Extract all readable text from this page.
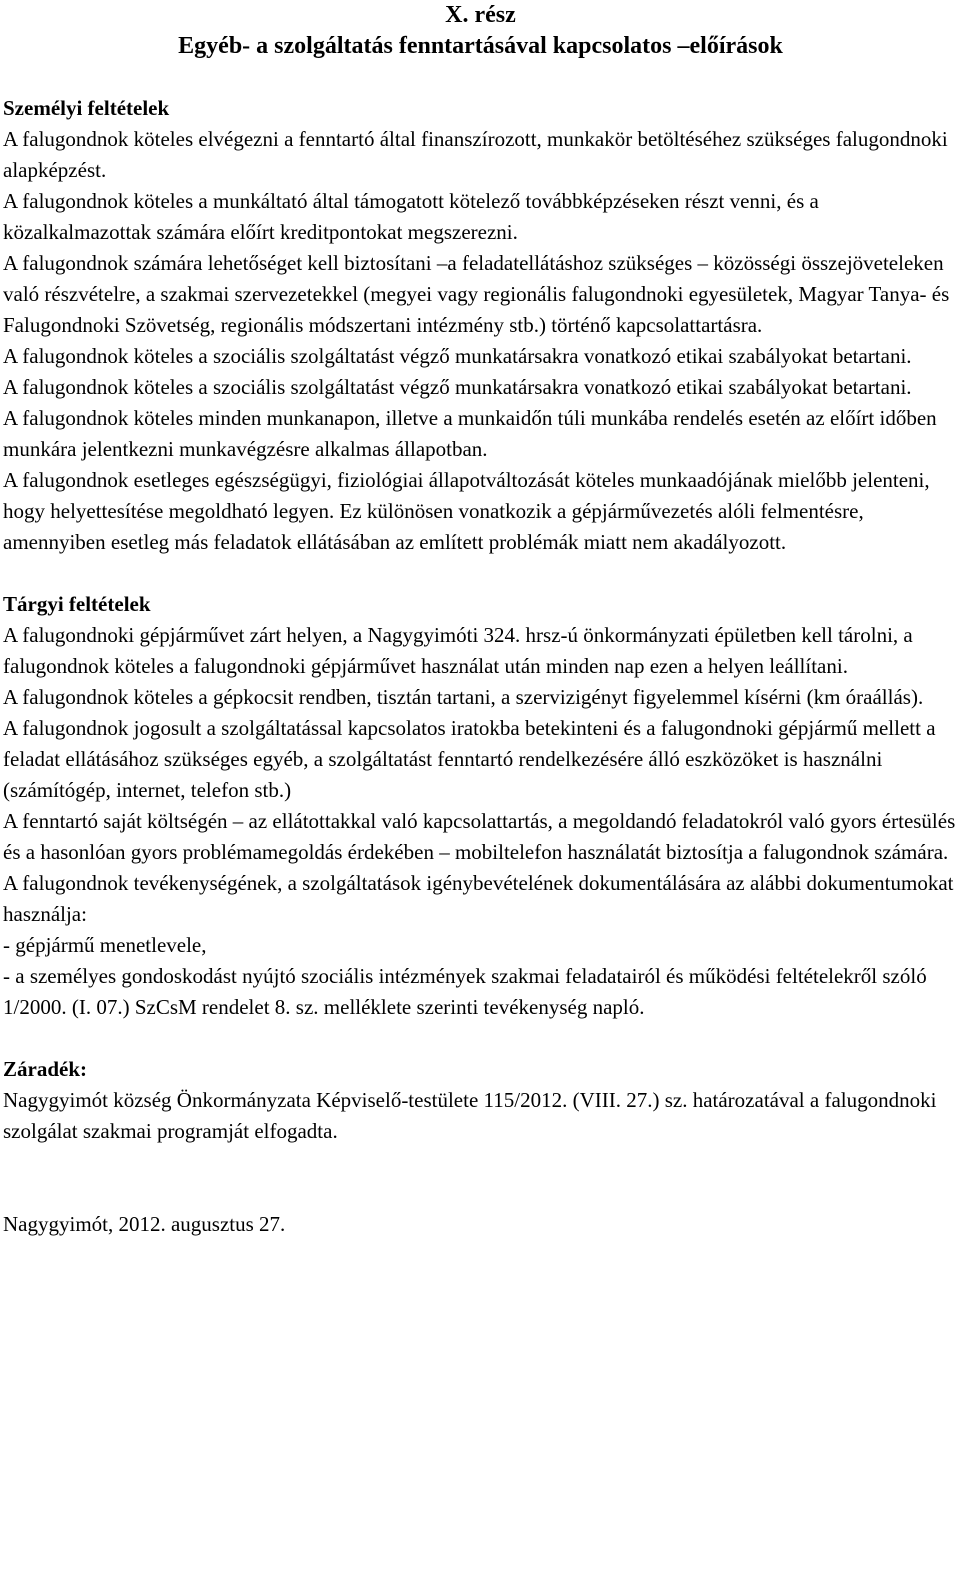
X. rész
Egyéb- a szolgáltatás fenntartásával kapcsolatos –előírások

Személyi feltételek

A falugondnok köteles elvégezni a fenntartó által finanszírozott, munkakör betöltéséhez szükséges falugondnoki alapképzést.

A falugondnok köteles a munkáltató által támogatott kötelező továbbképzéseken részt venni, és a közalkalmazottak számára előírt kreditpontokat megszerezni.

A falugondnok számára lehetőséget kell biztosítani –a feladatellátáshoz szükséges – közösségi összejöveteleken való részvételre, a szakmai szervezetekkel (megyei vagy regionális falugondnoki egyesületek, Magyar Tanya- és Falugondnoki Szövetség, regionális módszertani intézmény stb.) történő kapcsolattartásra.

A falugondnok köteles a szociális szolgáltatást végző munkatársakra vonatkozó etikai szabályokat betartani.

A falugondnok köteles a szociális szolgáltatást végző munkatársakra vonatkozó etikai szabályokat betartani.

A falugondnok köteles minden munkanapon, illetve a munkaidőn túli munkába rendelés esetén az előírt időben munkára jelentkezni munkavégzésre alkalmas állapotban.

A falugondnok esetleges egészségügyi, fiziológiai állapotváltozását köteles munkaadójának mielőbb jelenteni, hogy helyettesítése megoldható legyen. Ez különösen vonatkozik a gépjárművezetés alóli felmentésre, amennyiben esetleg más feladatok ellátásában az említett problémák miatt nem akadályozott.

Tárgyi feltételek

A falugondnoki gépjárművet zárt helyen, a Nagygyimóti 324. hrsz-ú önkormányzati épületben kell tárolni, a falugondnok köteles a falugondnoki gépjárművet használat után minden nap ezen a helyen leállítani.

A falugondnok köteles a gépkocsit rendben, tisztán tartani, a szervizigényt figyelemmel kísérni (km óraállás).

A falugondnok jogosult a szolgáltatással kapcsolatos iratokba betekinteni és a falugondnoki gépjármű mellett a feladat ellátásához szükséges egyéb, a szolgáltatást fenntartó rendelkezésére álló eszközöket is használni (számítógép, internet, telefon stb.)

A fenntartó saját költségén – az ellátottakkal való kapcsolattartás, a megoldandó feladatokról való gyors értesülés és a hasonlóan gyors problémamegoldás érdekében – mobiltelefon használatát biztosítja a falugondnok számára.

A falugondnok tevékenységének, a szolgáltatások igénybevételének dokumentálására az alábbi dokumentumokat használja:

- gépjármű menetlevele,

- a személyes gondoskodást nyújtó szociális intézmények szakmai feladatairól és működési feltételekről szóló 1/2000. (I. 07.) SzCsM rendelet 8. sz. melléklete szerinti tevékenység napló.

Záradék:

Nagygyimót község Önkormányzata Képviselő-testülete 115/2012. (VIII. 27.) sz. határozatával a falugondnoki szolgálat szakmai programját elfogadta.

Nagygyimót, 2012. augusztus 27.
